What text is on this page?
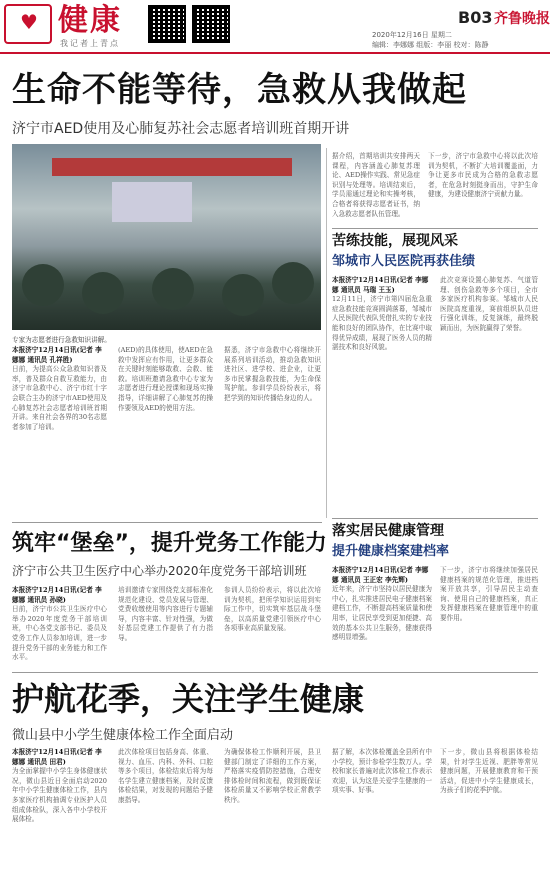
♥ 健康
我记者上青点
B03 齐鲁晚报
2020年12月16日 星期二
编辑：李娜娜 组版：李丽 校对：陈静
生命不能等待，急救从我做起
济宁市AED使用及心肺复苏社会志愿者培训班首期开讲
专家为志愿者进行急救知识讲解。
本报济宁12月14日讯(记者 李娜娜 通讯员 孔祥胜)
日前，为提高公众急救知识普及率，普及群众自救互救能力，由济宁市急救中心、济宁市红十字会联合主办的济宁市AED使用及心肺复苏社会志愿者培训班首期开讲。来自社会各界的30名志愿者参加了培训。
(AED)的具体使用，使AED在急救中发挥应有作用，让更多群众在关键时刻能够敢救、会救、能救。培训班邀请急救中心专家为志愿者进行理论授课和现场实操指导，详细讲解了心肺复苏的操作要领及AED的使用方法。
据悉，济宁市急救中心将继续开展系列培训活动，推动急救知识进社区、进学校、进企业，让更多市民掌握急救技能，为生命保驾护航。参训学员纷纷表示，将把学到的知识传播给身边的人。
据介绍，首期培训共安排两天课程，内容涵盖心肺复苏理论、AED操作实践、常见急症识别与处理等。培训结束后，学员需通过理论和实操考核，合格者将获得志愿者证书，纳入急救志愿者队伍管理。
下一步，济宁市急救中心将以此次培训为契机，不断扩大培训覆盖面，力争让更多市民成为合格的急救志愿者，在危急时刻挺身而出，守护生命健康，为建设健康济宁贡献力量。
苦练技能，展现风采
邹城市人民医院再获佳绩
本报济宁12月14日讯(记者 李娜娜 通讯员 马瑞 王玉)
12月11日，济宁市第四届危急重症急救技能竞赛圆满落幕，邹城市人民医院代表队凭借扎实的专业技能和良好的团队协作，在比赛中取得优异成绩，展现了医务人员的精湛技术和良好风貌。
此次竞赛设置心肺复苏、气道管理、创伤急救等多个项目，全市多家医疗机构参赛。邹城市人民医院高度重视，赛前组织队员进行强化训练，反复演练，最终脱颖而出，为医院赢得了荣誉。
落实居民健康管理
提升健康档案建档率
本报济宁12月14日讯(记者 李娜娜 通讯员 王正宏 李先辉)
近年来，济宁市坚持以居民健康为中心，扎实推进居民电子健康档案建档工作，不断提高档案质量和使用率，让居民享受到更加便捷、高效的基本公共卫生服务，健康获得感明显增强。
下一步，济宁市将继续加强居民健康档案的规范化管理，推进档案开放共享，引导居民主动查询、使用自己的健康档案，真正发挥健康档案在健康管理中的重要作用。
筑牢“堡垒”，提升党务工作能力
济宁市公共卫生医疗中心举办2020年度党务干部培训班
本报济宁12月14日讯(记者 李娜娜 通讯员 孙晓)
日前，济宁市公共卫生医疗中心举办2020年度党务干部培训班，中心各党支部书记、委员及党务工作人员参加培训，进一步提升党务干部的业务能力和工作水平。
培训邀请专家围绕党支部标准化规范化建设、党员发展与管理、党费收缴使用等内容进行专题辅导，内容丰富、针对性强，为做好基层党建工作提供了有力指导。
参训人员纷纷表示，将以此次培训为契机，把所学知识运用到实际工作中，切实筑牢基层战斗堡垒，以高质量党建引领医疗中心各项事业高质量发展。
护航花季，关注学生健康
微山县中小学生健康体检工作全面启动
本报济宁12月14日讯(记者 李娜娜 通讯员 田君)
为全面掌握中小学生身体健康状况，微山县近日全面启动2020年中小学生健康体检工作，县内多家医疗机构抽调专业医护人员组成体检队，深入各中小学校开展体检。
此次体检项目包括身高、体重、视力、血压、内科、外科、口腔等多个项目，体检结束后将为每名学生建立健康档案，及时反馈体检结果，对发现的问题给予健康指导。
为确保体检工作顺利开展，县卫健部门制定了详细的工作方案，严格落实疫情防控措施，合理安排体检时间和流程，做到既保证体检质量又不影响学校正常教学秩序。
据了解，本次体检覆盖全县所有中小学校，预计参检学生数万人。学校和家长普遍对此次体检工作表示欢迎，认为这是关爱学生健康的一项实事、好事。
下一步，微山县将根据体检结果，针对学生近视、肥胖等常见健康问题，开展健康教育和干预活动，促进中小学生健康成长，为孩子们的花季护航。
